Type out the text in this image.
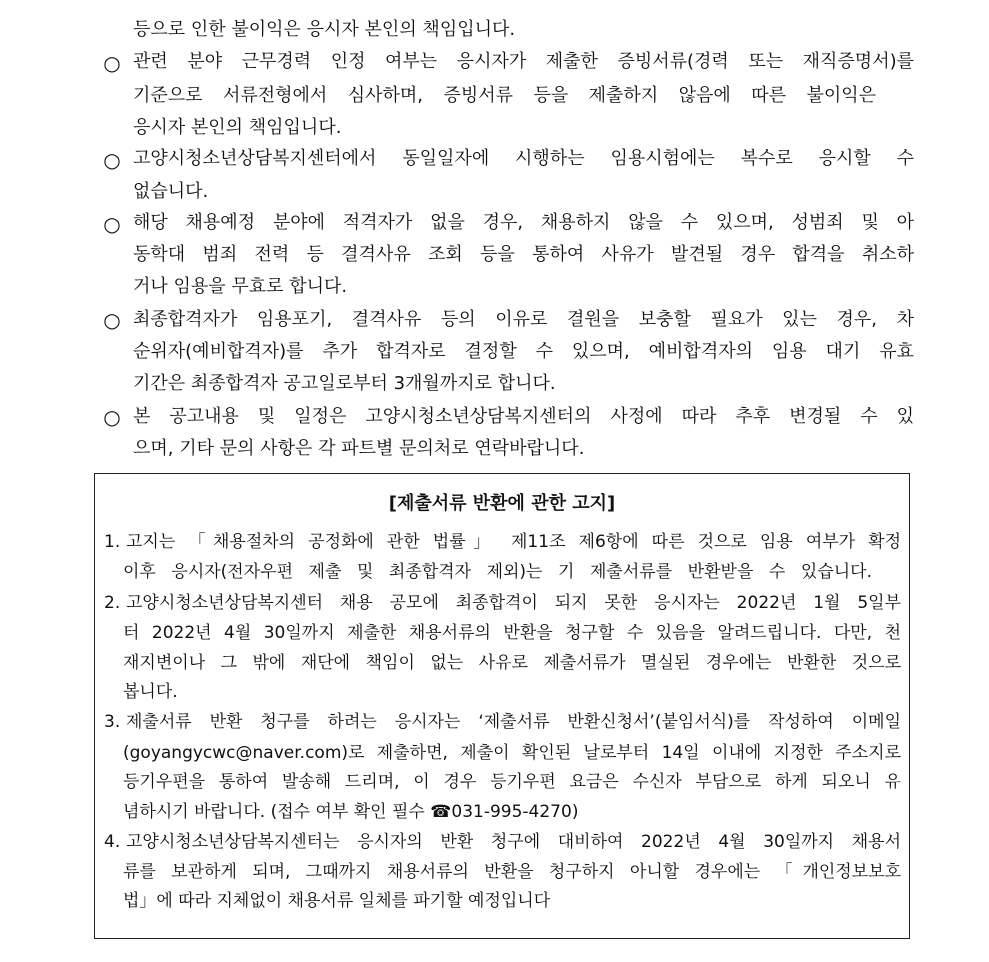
등으로 인한 불이익은 응시자 본인의 책임입니다.
○ 관련 분야 근무경력 인정 여부는 응시자가 제출한 증빙서류(경력 또는 재직증명서)를
기준으로 서류전형에서 심사하며, 증빙서류 등을 제출하지 않음에 따른 불이익은
응시자 본인의 책임입니다.
○ 고양시청소년상담복지센터에서 동일일자에 시행하는 임용시험에는 복수로 응시할 수
없습니다.
○ 해당 채용예정 분야에 적격자가 없을 경우, 채용하지 않을 수 있으며, 성범죄 및 아
동학대 범죄 전력 등 결격사유 조회 등을 통하여 사유가 발견될 경우 합격을 취소하
거나 임용을 무효로 합니다.
○ 최종합격자가 임용포기, 결격사유 등의 이유로 결원을 보충할 필요가 있는 경우, 차
순위자(예비합격자)를 추가 합격자로 결정할 수 있으며, 예비합격자의 임용 대기 유효
기간은 최종합격자 공고일로부터 3개월까지로 합니다.
○ 본 공고내용 및 일정은 고양시청소년상담복지센터의 사정에 따라 추후 변경될 수 있
으며, 기타 문의 사항은 각 파트별 문의처로 연락바랍니다.
[제출서류 반환에 관한 고지]
1. 고지는 「채용절차의 공정화에 관한 법률」 제11조 제6항에 따른 것으로 임용 여부가 확정
이후 응시자(전자우편 제출 및 최종합격자 제외)는 기 제출서류를 반환받을 수 있습니다.
2. 고양시청소년상담복지센터 채용 공모에 최종합격이 되지 못한 응시자는 2022년 1월 5일부
터 2022년 4월 30일까지 제출한 채용서류의 반환을 청구할 수 있음을 알려드립니다. 다만, 천
재지변이나 그 밖에 재단에 책임이 없는 사유로 제출서류가 멸실된 경우에는 반환한 것으로
봅니다.
3. 제출서류 반환 청구를 하려는 응시자는 ‘제출서류 반환신청서’(붙임서식)를 작성하여 이메일
(goyangycwc@naver.com)로 제출하면, 제출이 확인된 날로부터 14일 이내에 지정한 주소지로
등기우편을 통하여 발송해 드리며, 이 경우 등기우편 요금은 수신자 부담으로 하게 되오니 유
념하시기 바랍니다. (접수 여부 확인 필수 ☎031-995-4270)
4. 고양시청소년상담복지센터는 응시자의 반환 청구에 대비하여 2022년 4월 30일까지 채용서
류를 보관하게 되며, 그때까지 채용서류의 반환을 청구하지 아니할 경우에는 「개인정보보호
법」에 따라 지체없이 채용서류 일체를 파기할 예정입니다
